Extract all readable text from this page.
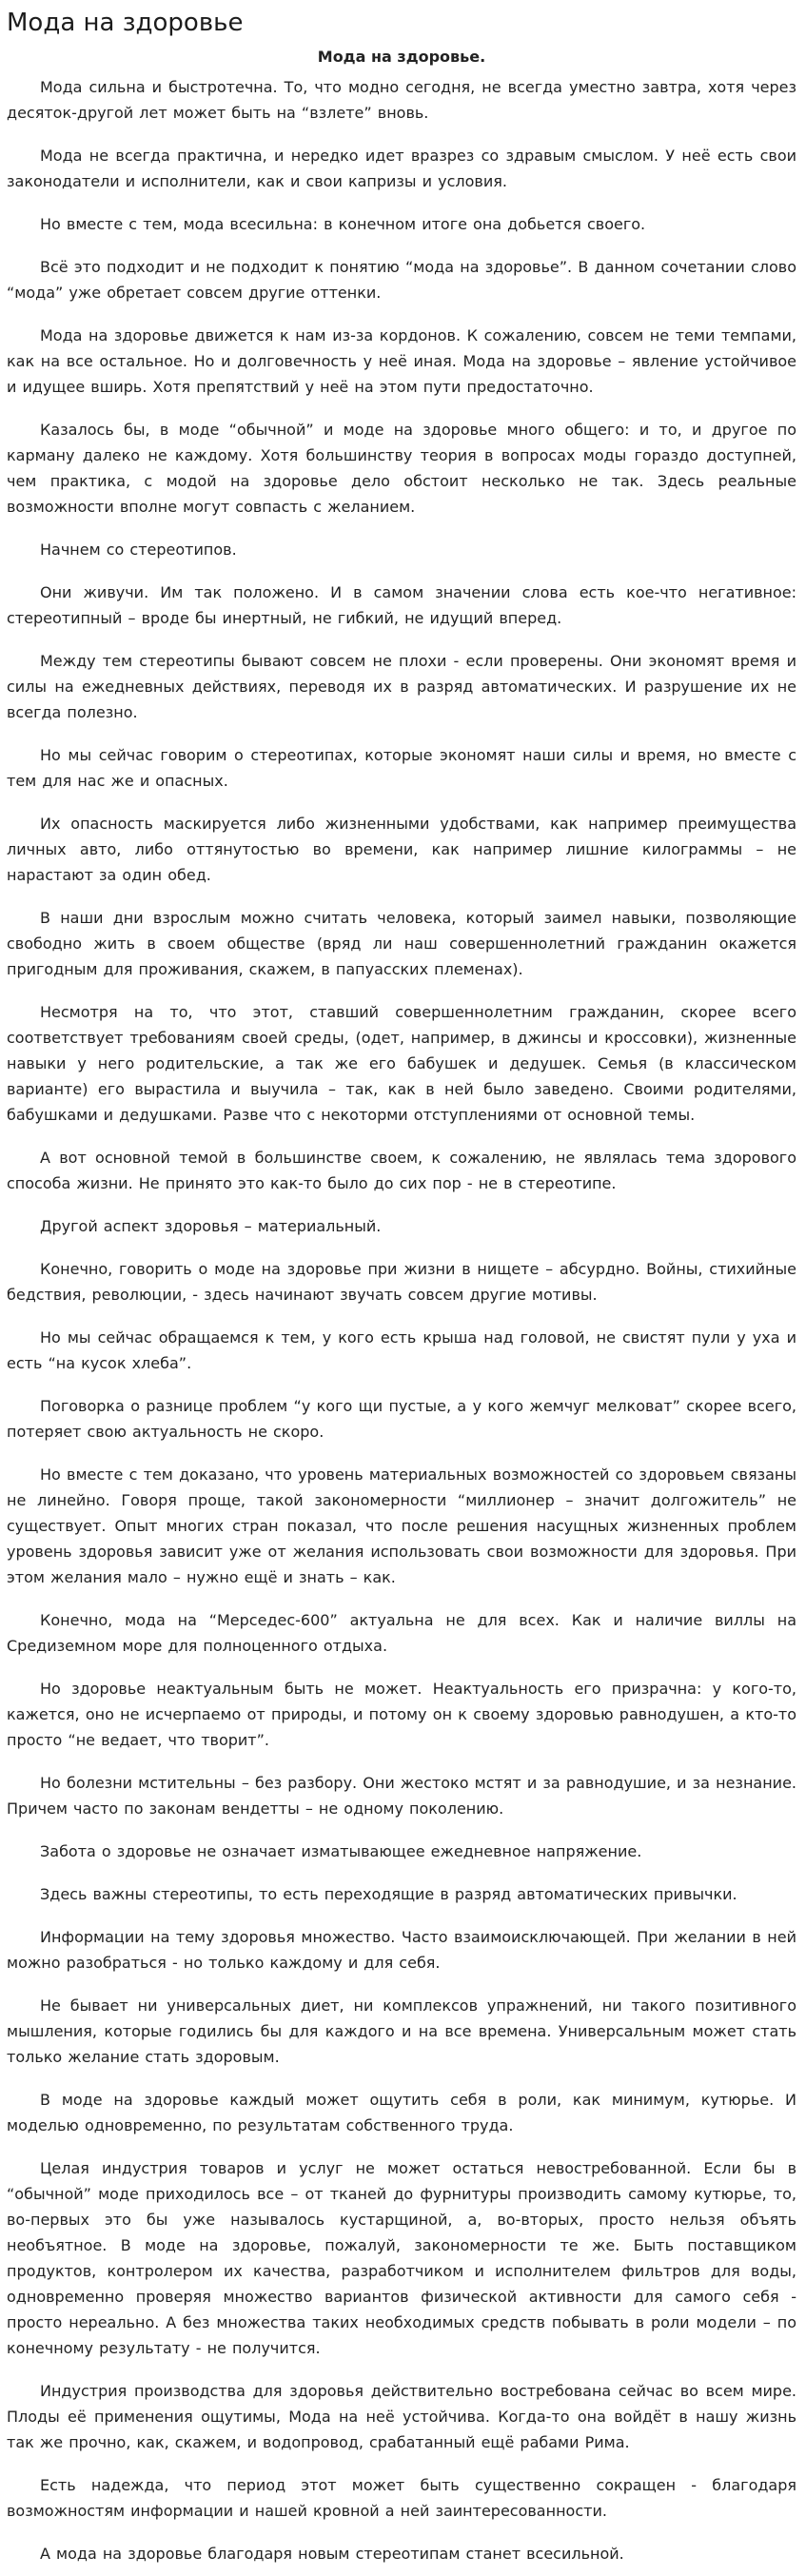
Мода на здоровье
Мода на здоровье.

Мода сильна и быстротечна. То, что модно сегодня, не всегда уместно завтра, хотя через десяток-другой лет может быть на “взлете” вновь.

Мода не всегда практична, и нередко идет вразрез со здравым смыслом. У неё есть свои законодатели и исполнители, как и свои капризы и условия.

Но вместе с тем, мода всесильна: в конечном итоге она добьется своего.

Всё это подходит и не подходит к понятию “мода на здоровье”. В данном сочетании слово “мода” уже обретает совсем другие оттенки.

Мода на здоровье движется к нам из-за кордонов. К сожалению, совсем не теми темпами, как на все остальное. Но и долговечность у неё иная. Мода на здоровье – явление устойчивое и идущее вширь. Хотя препятствий у неё на этом пути предостаточно.

Казалось бы, в моде “обычной” и моде на здоровье много общего: и то, и другое по карману далеко не каждому. Хотя большинству теория в вопросах моды гораздо доступней, чем практика, с модой на здоровье дело обстоит несколько не так. Здесь реальные возможности вполне могут совпасть с желанием.

Начнем со стереотипов.

Они живучи. Им так положено. И в самом значении слова есть кое-что негативное: стереотипный – вроде бы инертный, не гибкий, не идущий вперед.

Между тем стереотипы бывают совсем не плохи - если проверены. Они экономят время и силы на ежедневных действиях, переводя их в разряд автоматических. И разрушение их не всегда полезно.

Но мы сейчас говорим о стереотипах, которые экономят наши силы и время, но вместе с тем для нас же и опасных.

Их опасность маскируется либо жизненными удобствами, как например преимущества личных авто, либо оттянутостью во времени, как например лишние килограммы – не нарастают за один обед.

В наши дни взрослым можно считать человека, который заимел навыки, позволяющие свободно жить в своем обществе (вряд ли наш совершеннолетний гражданин окажется пригодным для проживания, скажем, в папуасских племенах).

Несмотря на то, что этот, ставший совершеннолетним гражданин, скорее всего соответствует требованиям своей среды, (одет, например, в джинсы и кроссовки), жизненные навыки у него родительские, а так же его бабушек и дедушек. Семья (в классическом варианте) его вырастила и выучила – так, как в ней было заведено. Своими родителями, бабушками и дедушками. Разве что с некоторми отступлениями от основной темы.

А вот основной темой в большинстве своем, к сожалению, не являлась тема здорового способа жизни. Не принято это как-то было до сих пор - не в стереотипе.

Другой аспект здоровья – материальный.

Конечно, говорить о моде на здоровье при жизни в нищете – абсурдно. Войны, стихийные бедствия, революции, - здесь начинают звучать совсем другие мотивы.

Но мы сейчас обращаемся к тем, у кого есть крыша над головой, не свистят пули у уха и есть “на кусок хлеба”.

Поговорка о разнице проблем “у кого щи пустые, а у кого жемчуг мелковат” скорее всего, потеряет свою актуальность не скоро.

Но вместе с тем доказано, что уровень материальных возможностей со здоровьем связаны не линейно. Говоря проще, такой закономерности “миллионер – значит долгожитель” не существует. Опыт многих стран показал, что после решения насущных жизненных проблем уровень здоровья зависит уже от желания использовать свои возможности для здоровья. При этом желания мало – нужно ещё и знать – как.

Конечно, мода на “Мерседес-600” актуальна не для всех. Как и наличие виллы на Средиземном море для полноценного отдыха.

Но здоровье неактуальным быть не может. Неактуальность его призрачна: у кого-то, кажется, оно не исчерпаемо от природы, и потому он к своему здоровью равнодушен, а кто-то просто “не ведает, что творит”.

Но болезни мстительны – без разбору. Они жестоко мстят и за равнодушие, и за незнание. Причем часто по законам вендетты – не одному поколению.

Забота о здоровье не означает изматывающее ежедневное напряжение.

Здесь важны стереотипы, то есть переходящие в разряд автоматических привычки.

Информации на тему здоровья множество. Часто взаимоисключающей. При желании в ней можно разобраться - но только каждому и для себя.

Не бывает ни универсальных диет, ни комплексов упражнений, ни такого позитивного мышления, которые годились бы для каждого и на все времена. Универсальным может стать только желание стать здоровым.

В моде на здоровье каждый может ощутить себя в роли, как минимум, кутюрье. И моделью одновременно, по результатам собственного труда.

Целая индустрия товаров и услуг не может остаться невостребованной. Если бы в “обычной” моде приходилось все – от тканей до фурнитуры производить самому кутюрье, то, во-первых это бы уже называлось кустарщиной, а, во-вторых, просто нельзя объять необъятное. В моде на здоровье, пожалуй, закономерности те же. Быть поставщиком продуктов, контролером их качества, разработчиком и исполнителем фильтров для воды, одновременно проверяя множество вариантов физической активности для самого себя - просто нереально. А без множества таких необходимых средств побывать в роли модели – по конечному результату - не получится.

Индустрия производства для здоровья действительно востребована сейчас во всем мире. Плоды её применения ощутимы, Мода на неё устойчива. Когда-то она войдёт в нашу жизнь так же прочно, как, скажем, и водопровод, срабатанный ещё рабами Рима.

Есть надежда, что период этот может быть существенно сокращен - благодаря возможностям информации и нашей кровной а ней заинтересованности.

А мода на здоровье благодаря новым стереотипам станет всесильной.
